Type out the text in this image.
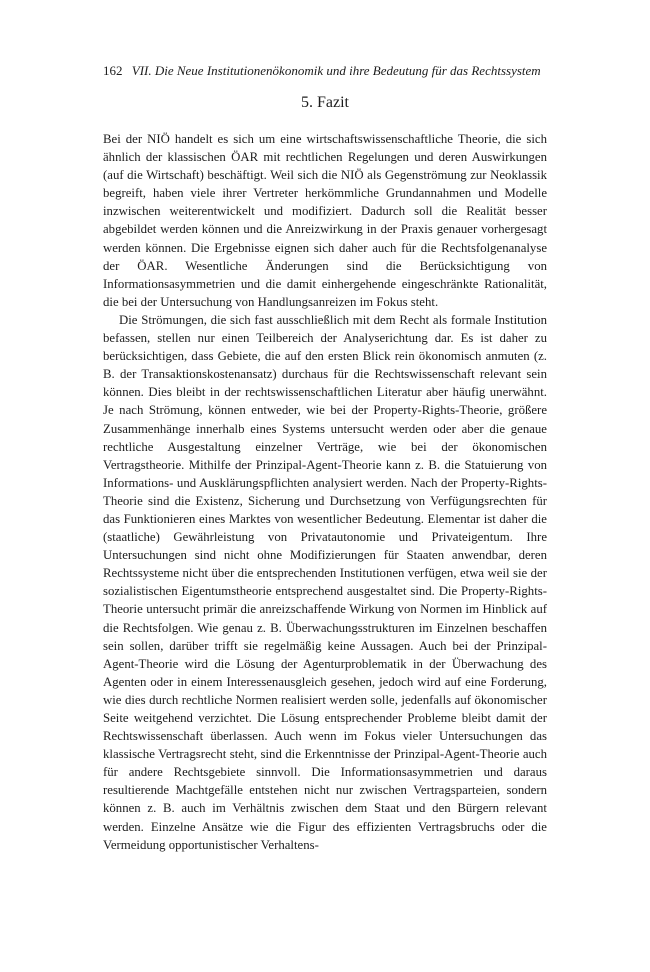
162 VII. Die Neue Institutionenökonomik und ihre Bedeutung für das Rechtssystem
5. Fazit

Bei der NIÖ handelt es sich um eine wirtschaftswissenschaftliche Theorie, die sich ähnlich der klassischen ÖAR mit rechtlichen Regelungen und deren Auswirkungen (auf die Wirtschaft) beschäftigt. Weil sich die NIÖ als Gegenströmung zur Neoklassik begreift, haben viele ihrer Vertreter herkömmliche Grundannahmen und Modelle inzwischen weiterentwickelt und modifiziert. Dadurch soll die Realität besser abgebildet werden können und die Anreizwirkung in der Praxis genauer vorhergesagt werden können. Die Ergebnisse eignen sich daher auch für die Rechtsfolgenanalyse der ÖAR. Wesentliche Änderungen sind die Berücksichtigung von Informationsasymmetrien und die damit einhergehende eingeschränkte Rationalität, die bei der Untersuchung von Handlungsanreizen im Fokus steht.

Die Strömungen, die sich fast ausschließlich mit dem Recht als formale Institution befassen, stellen nur einen Teilbereich der Analyserichtung dar. Es ist daher zu berücksichtigen, dass Gebiete, die auf den ersten Blick rein ökonomisch anmuten (z. B. der Transaktionskostenansatz) durchaus für die Rechtswissenschaft relevant sein können. Dies bleibt in der rechtswissenschaftlichen Literatur aber häufig unerwähnt. Je nach Strömung, können entweder, wie bei der Property-Rights-Theorie, größere Zusammenhänge innerhalb eines Systems untersucht werden oder aber die genaue rechtliche Ausgestaltung einzelner Verträge, wie bei der ökonomischen Vertragstheorie. Mithilfe der Prinzipal-Agent-Theorie kann z. B. die Statuierung von Informations- und Ausklärungspflichten analysiert werden. Nach der Property-Rights-Theorie sind die Existenz, Sicherung und Durchsetzung von Verfügungsrechten für das Funktionieren eines Marktes von wesentlicher Bedeutung. Elementar ist daher die (staatliche) Gewährleistung von Privatautonomie und Privateigentum. Ihre Untersuchungen sind nicht ohne Modifizierungen für Staaten anwendbar, deren Rechtssysteme nicht über die entsprechenden Institutionen verfügen, etwa weil sie der sozialistischen Eigentumstheorie entsprechend ausgestaltet sind. Die Property-Rights-Theorie untersucht primär die anreizschaffende Wirkung von Normen im Hinblick auf die Rechtsfolgen. Wie genau z. B. Überwachungsstrukturen im Einzelnen beschaffen sein sollen, darüber trifft sie regelmäßig keine Aussagen. Auch bei der Prinzipal-Agent-Theorie wird die Lösung der Agenturproblematik in der Überwachung des Agenten oder in einem Interessenausgleich gesehen, jedoch wird auf eine Forderung, wie dies durch rechtliche Normen realisiert werden solle, jedenfalls auf ökonomischer Seite weitgehend verzichtet. Die Lösung entsprechender Probleme bleibt damit der Rechtswissenschaft überlassen. Auch wenn im Fokus vieler Untersuchungen das klassische Vertragsrecht steht, sind die Erkenntnisse der Prinzipal-Agent-Theorie auch für andere Rechtsgebiete sinnvoll. Die Informationsasymmetrien und daraus resultierende Machtgefälle entstehen nicht nur zwischen Vertragsparteien, sondern können z. B. auch im Verhältnis zwischen dem Staat und den Bürgern relevant werden. Einzelne Ansätze wie die Figur des effizienten Vertragsbruchs oder die Vermeidung opportunistischer Verhaltens-
